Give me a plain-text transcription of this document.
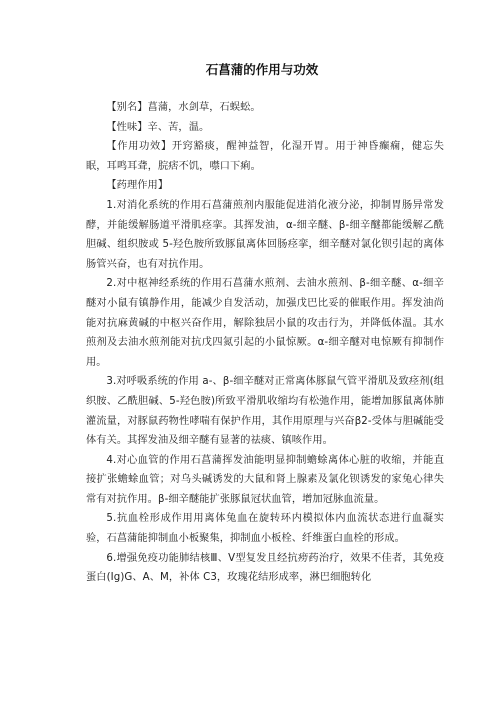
石菖蒲的作用与功效

【别名】菖蒲，水剑草，石蜈蚣。

【性味】辛、苦，温。

【作用功效】开窍豁痰，醒神益智，化湿开胃。用于神昏癫痫，健忘失眠，耳鸣耳聋，脘痞不饥，噤口下痢。

【药理作用】

1.对消化系统的作用石菖蒲煎剂内服能促进消化液分泌，抑制胃肠异常发酵，并能缓解肠道平滑肌痉挛。其挥发油，α-细辛醚、β-细辛醚都能缓解乙酰胆碱、组织胺或 5-羟色胺所致豚鼠离体回肠痉挛，细辛醚对氯化钡引起的离体肠管兴奋，也有对抗作用。

2.对中枢神经系统的作用石菖蒲水煎剂、去油水煎剂、β-细辛醚、α-细辛醚对小鼠有镇静作用，能减少自发活动，加强戊巴比妥的催眠作用。挥发油尚能对抗麻黄碱的中枢兴奋作用，解除独居小鼠的攻击行为，并降低体温。其水煎剂及去油水煎剂能对抗戊四氮引起的小鼠惊厥。α-细辛醚对电惊厥有抑制作用。

3.对呼吸系统的作用 a-、β-细辛醚对正常离体豚鼠气管平滑肌及致痉剂(组织胺、乙酰胆碱、5-羟色胺)所致平滑肌收缩均有松弛作用，能增加豚鼠离体肺灌流量，对豚鼠药物性哮喘有保护作用，其作用原理与兴奋β2-受体与胆碱能受体有关。其挥发油及细辛醚有显著的祛痰、镇咳作用。

4.对心血管的作用石菖蒲挥发油能明显抑制蟾蜍离体心脏的收缩，并能直接扩张蟾蜍血管；对乌头碱诱发的大鼠和肾上腺素及氯化钡诱发的家兔心律失常有对抗作用。β-细辛醚能扩张豚鼠冠状血管，增加冠脉血流量。

5.抗血栓形成作用用离体兔血在旋转环内模拟体内血流状态进行血凝实验，石菖蒲能抑制血小板聚集，抑制血小板栓、纤维蛋白血栓的形成。

6.增强免疫功能肺结核Ⅲ、Ⅴ型复发且经抗痨药治疗，效果不佳者，其免疫蛋白(Ig)G、A、M，补体 C3，玫瑰花结形成率，淋巴细胞转化
